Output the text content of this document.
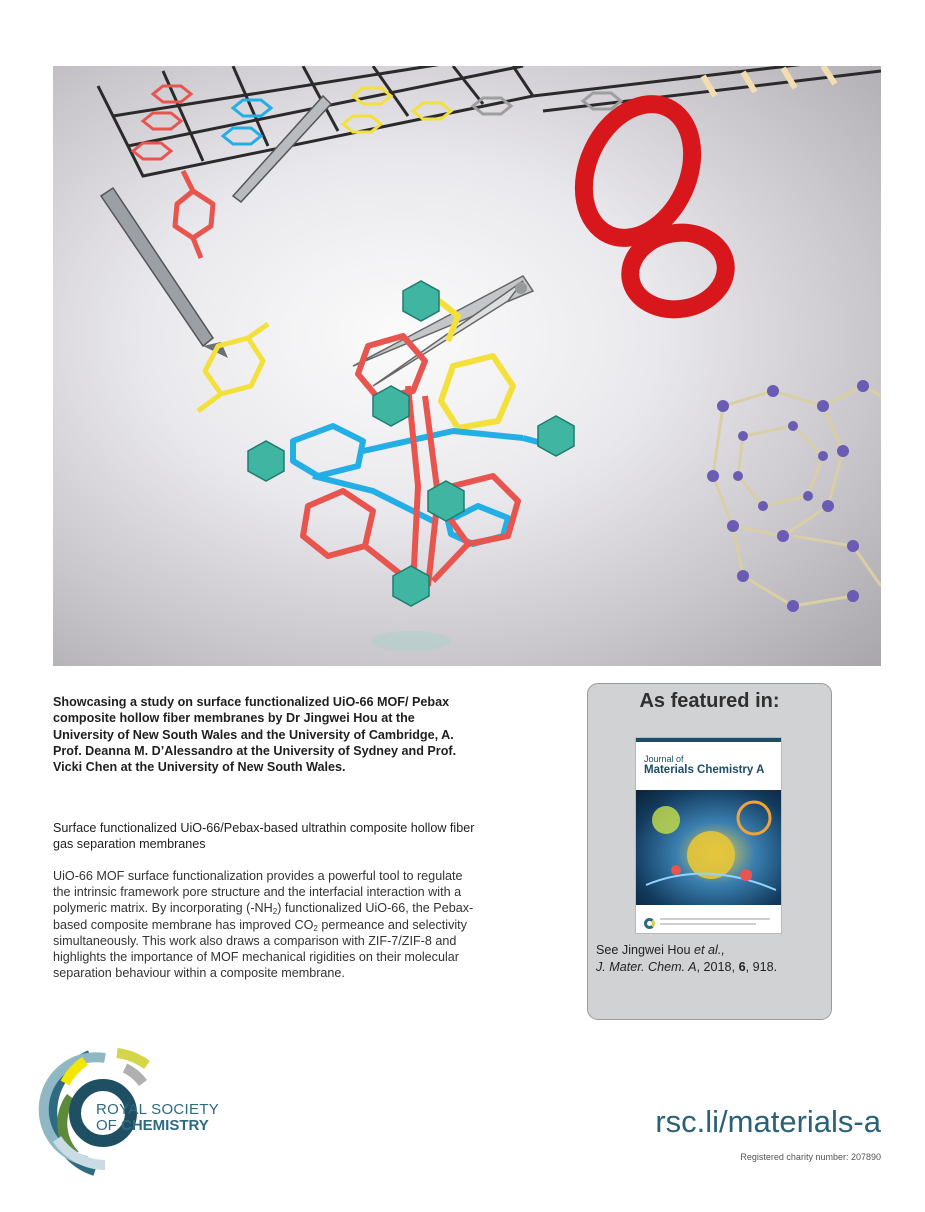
Showcasing a study on surface functionalized UiO-66 MOF/ Pebax composite hollow fiber membranes by Dr Jingwei Hou at the University of New South Wales and the University of Cambridge, A. Prof. Deanna M. D’Alessandro at the University of Sydney and Prof. Vicki Chen at the University of New South Wales.

Surface functionalized UiO-66/Pebax-based ultrathin composite hollow fiber gas separation membranes

UiO-66 MOF surface functionalization provides a powerful tool to regulate the intrinsic framework pore structure and the interfacial interaction with a polymeric matrix. By incorporating $(-NH_2)$ functionalized UiO-66, the Pebax-based composite membrane has improved $CO_2$ permeance and selectivity simultaneously. This work also draws a comparison with ZIF-7/ZIF-8 and highlights the importance of MOF mechanical rigidities on their molecular separation behaviour within a composite membrane.

As featured in:
Journal of
Materials Chemistry A
See Jingwei Hou et al.,
J. Mater. Chem. A, 2018, 6, 918.
ROYAL SOCIETY
OF CHEMISTRY	rsc.li/materials-a
Registered charity number: 207890
